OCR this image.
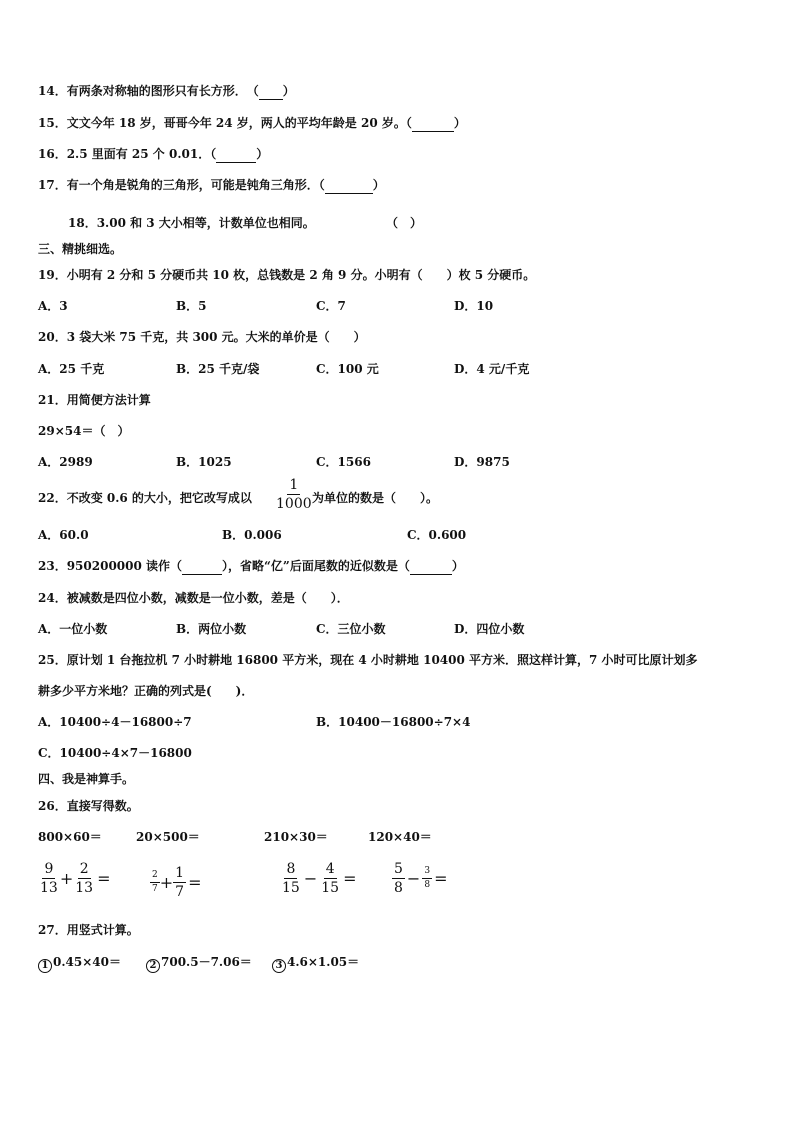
14．有两条对称轴的图形只有长方形．　（ ）
15．文文今年 18 岁，哥哥今年 24 岁，两人的平均年龄是 20 岁。（	）
16．2.5 里面有 25 个 0.01．（	）
17．有一个角是锐角的三角形，可能是钝角三角形．（	）
18．3.00 和 3 大小相等，计数单位也相同。	（　）
三、精挑细选。
19．小明有 2 分和 5 分硬币共 10 枚，总钱数是 2 角 9 分。小明有（　　）枚 5 分硬币。
A．3	B．5	C．7	D．10
20．3 袋大米 75 千克，共 300 元。大米的单价是（　　）
A．25 千克	B．25 千克/袋	C．100 元	D．4 元/千克
21．用简便方法计算
29×54＝（　）
A．2989	B．1025	C．1566	D．9875
22．不改变 0.6 的大小，把它改写成以 $\frac{1}{1000}$
为单位的数是（　　）。
A．60.0	B．0.006	C．0.600
23．950200000 读作（	），省略“亿”后面尾数的近似数是（	）
24．被减数是四位小数，减数是一位小数，差是（　　）．
A．一位小数	B．两位小数	C．三位小数	D．四位小数
25．原计划 1 台拖拉机 7 小时耕地 16800 平方米，现在 4 小时耕地 10400 平方米．照这样计算，7 小时可比原计划多
耕多少平方米地？正确的列式是(　　)．
A．10400÷4－16800÷7	B．10400－16800÷7×4
C．10400÷4×7－16800
四、我是神算手。
26．直接写得数。
800×60＝	20×500＝	210×30＝	120×40＝
$\frac{9}{13} + \frac{2}{13}$ =	$\frac{2}{7} + \frac{1}{7}$ =	$\frac{8}{15} - \frac{4}{15}$ =	$\frac{5}{8} - \frac{3}{8}$ =
27．用竖式计算。
1 0.45×40＝	2 700.5－7.06＝	3 4.6×1.05＝
